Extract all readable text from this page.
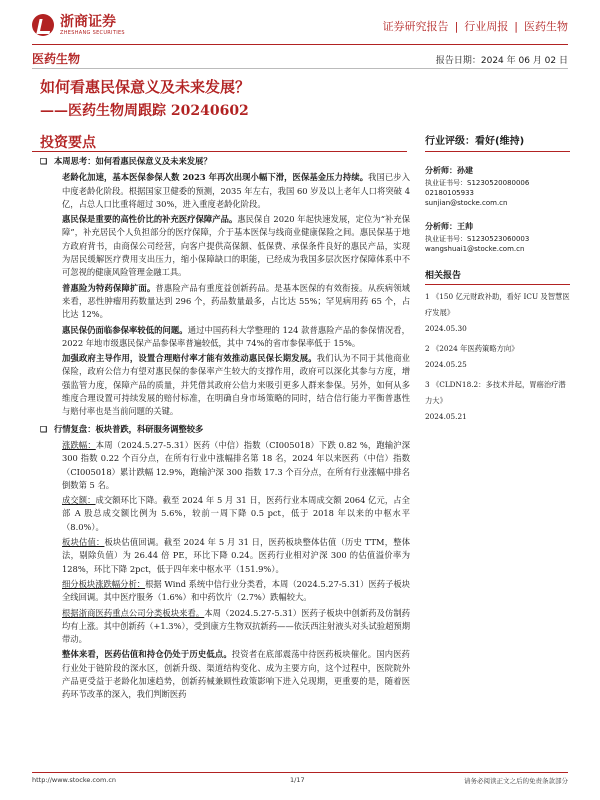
浙商证券
ZHESHANG SECURITIES	证券研究报告 | 行业周报 | 医药生物
医药生物	报告日期：2024 年 06 月 02 日
如何看惠民保意义及未来发展？
——医药生物周跟踪 20240602
投资要点
❑ 本周思考：如何看惠民保意义及未来发展？

老龄化加速，基本医保参保人数 2023 年再次出现小幅下滑，医保基金压力持续。我国已步入中度老龄化阶段。根据国家卫健委的预测，2035 年左右，我国 60 岁及以上老年人口将突破 4 亿，占总人口比重将超过 30%，进入重度老龄化阶段。

惠民保是重要的高性价比的补充医疗保障产品。惠民保自 2020 年起快速发展，定位为“补充保障”，补充居民个人负担部分的医疗保障，介于基本医保与线商业健康保险之间。惠民保基于地方政府背书，由商保公司经营，向客户提供高保额、低保费、承保条件良好的惠民产品，实现为居民缓解医疗费用支出压力，缩小保障缺口的职能，已经成为我国多层次医疗保障体系中不可忽视的健康风险管理金融工具。

普惠险为特药保障扩面。普惠险产品有重度益创新药品。是基本医保的有效衔接。从疾病领域来看，恶性肿瘤用药数量达到 296 个，药品数量最多，占比达 55%；罕见病用药 65 个，占比达 12%。

惠民保仍面临参保率较低的问题。通过中国药科大学整理的 124 款普惠险产品的参保情况看，2022 年地市级惠民保产品参保率普遍较低，其中 74%的省市参保率低于 15%。

加强政府主导作用，设置合理赔付率才能有效推动惠民保长期发展。我们认为不同于其他商业保险，政府公信力有望对惠民保的参保率产生较大的支撑作用，政府可以深化其参与方度，增强监管力度，保障产品的质量，并凭借其政府公信力来吸引更多人群来参保。另外，如何从多维度合理设置可持续发展的赔付标准，在明确自身市场策略的同时，结合信行能力平衡普惠性与赔付率也是当前问题的关键。

❑ 行情复盘：板块普跌，科研服务调整较多

涨跌幅：本周（2024.5.27-5.31）医药（中信）指数（CI005018）下跌 0.82 %，跑输沪深 300 指数 0.22 个百分点，在所有行业中涨幅排名第 18 名，2024 年以来医药（中信）指数（CI005018）累计跌幅 12.9%，跑输沪深 300 指数 17.3 个百分点，在所有行业涨幅中排名倒数第 5 名。

成交额：成交额环比下降。截至 2024 年 5 月 31 日，医药行业本周成交额 2064 亿元，占全部 A 股总成交额比例为 5.6%，较前一周下降 0.5 pct，低于 2018 年以来的中枢水平（8.0%）。

板块估值：板块估值回调。截至 2024 年 5 月 31 日，医药板块整体估值（历史 TTM，整体法，剔除负值）为 26.44 倍 PE，环比下降 0.24。医药行业相对沪深 300 的估值溢价率为 128%，环比下降 2pct，低于四年来中枢水平（151.9%）。

细分板块涨跌幅分析：根据 Wind 系统中信行业分类看，本周（2024.5.27-5.31）医药子板块全线回调。其中医疗服务（1.6%）和中药饮片（2.7%）跌幅较大。

根据浙商医药重点公司分类板块来看。本周（2024.5.27-5.31）医药子板块中创新药及仿制药均有上涨。其中创新药（+1.3%），受到康方生物双抗新药——依沃西注射液头对头试验超预期带动。

整体来看，医药估值和持仓仍处于历史低点。投资者在底部震荡中待医药板块催化。国内医药行业处于链阶段的深水区，创新升级、渠道结构变化、成为主要方向，这个过程中，医院院外产品更受益于老龄化加速趋势，创新药械兼顾性政策影响下进入兑现期，更重要的是，随着医药环节改革的深入，我们判断医药

行业评级：看好(维持)
分析师：孙建
执业证书号：S1230520080006
02180105933
sunjian@stocke.com.cn
分析师：王帅
执业证书号：S1230523060003
wangshuai1@stocke.com.cn
相关报告
1 《150 亿元财政补助，看好 ICU 及智慧医疗发展》
2024.05.30
2 《2024 年医药策略方向》
2024.05.25
3 《CLDN18.2：多技术并起，胃癌治疗潜力大》
2024.05.21
http://www.stocke.com.cn	1/17	请务必阅读正文之后的免责条款部分
